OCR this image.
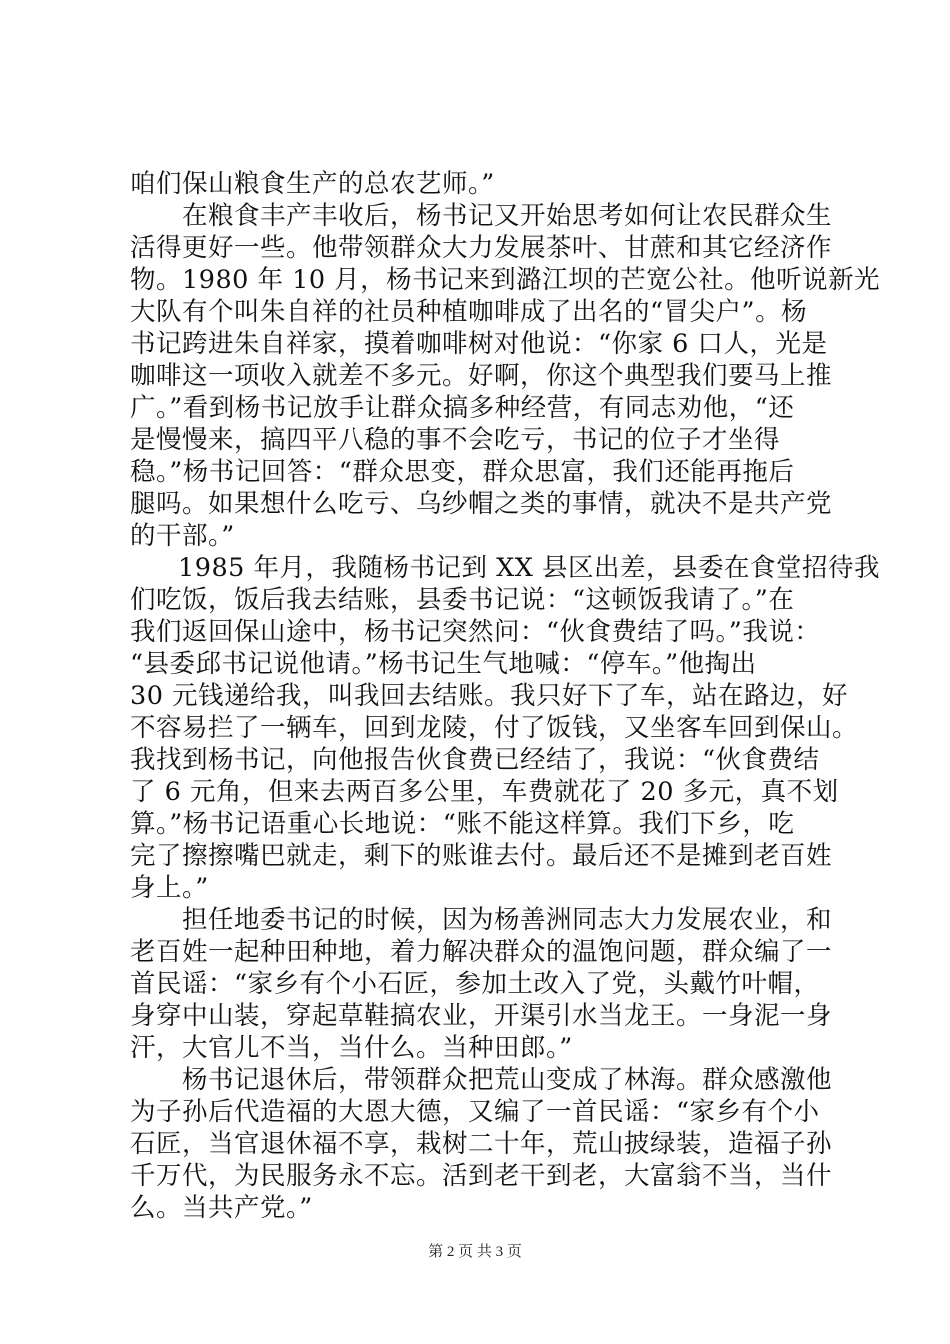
咱们保山粮食生产的总农艺师。”
在粮食丰产丰收后，杨书记又开始思考如何让农民群众生
活得更好一些。他带领群众大力发展茶叶、甘蔗和其它经济作
物。1980 年 10 月，杨书记来到潞江坝的芒宽公社。他听说新光
大队有个叫朱自祥的社员种植咖啡成了出名的“冒尖户”。杨
书记跨进朱自祥家，摸着咖啡树对他说：“你家 6 口人，光是
咖啡这一项收入就差不多元。好啊，你这个典型我们要马上推
广。”看到杨书记放手让群众搞多种经营，有同志劝他，“还
是慢慢来，搞四平八稳的事不会吃亏，书记的位子才坐得
稳。”杨书记回答：“群众思变，群众思富，我们还能再拖后
腿吗。如果想什么吃亏、乌纱帽之类的事情，就决不是共产党
的干部。”
1985 年月，我随杨书记到 XX 县区出差，县委在食堂招待我
们吃饭，饭后我去结账，县委书记说：“这顿饭我请了。”在
我们返回保山途中，杨书记突然问：“伙食费结了吗。”我说：
“县委邱书记说他请。”杨书记生气地喊：“停车。”他掏出
30 元钱递给我，叫我回去结账。我只好下了车，站在路边，好
不容易拦了一辆车，回到龙陵，付了饭钱，又坐客车回到保山。
我找到杨书记，向他报告伙食费已经结了，我说：“伙食费结
了 6 元角，但来去两百多公里，车费就花了 20 多元，真不划
算。”杨书记语重心长地说：“账不能这样算。我们下乡，吃
完了擦擦嘴巴就走，剩下的账谁去付。最后还不是摊到老百姓
身上。”
担任地委书记的时候，因为杨善洲同志大力发展农业，和
老百姓一起种田种地，着力解决群众的温饱问题，群众编了一
首民谣：“家乡有个小石匠，参加土改入了党，头戴竹叶帽，
身穿中山装，穿起草鞋搞农业，开渠引水当龙王。一身泥一身
汗，大官儿不当，当什么。当种田郎。”
杨书记退休后，带领群众把荒山变成了林海。群众感激他
为子孙后代造福的大恩大德，又编了一首民谣：“家乡有个小
石匠，当官退休福不享，栽树二十年，荒山披绿装，造福子孙
千万代，为民服务永不忘。活到老干到老，大富翁不当，当什
么。当共产党。”
第 2 页 共 3 页
